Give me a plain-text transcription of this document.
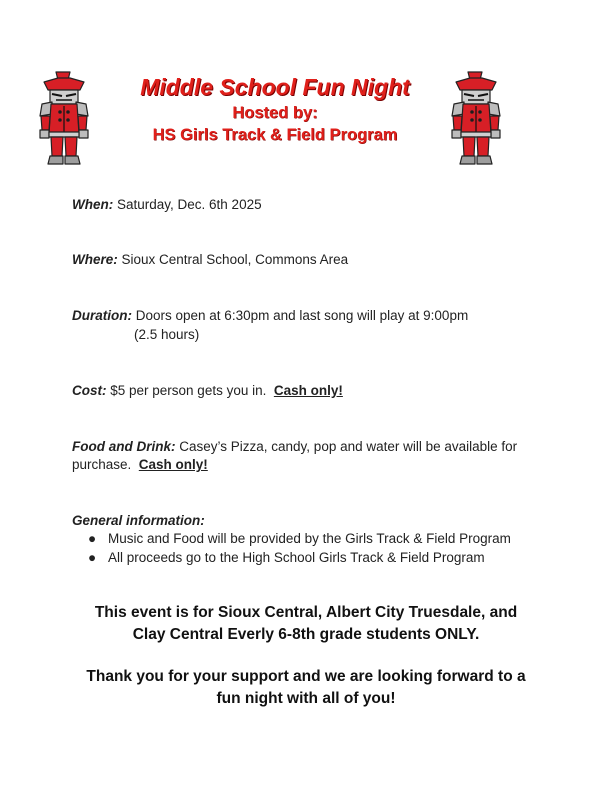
Middle School Fun Night
Hosted by:
HS Girls Track & Field Program
When: Saturday, Dec. 6th 2025
Where: Sioux Central School, Commons Area
Duration: Doors open at 6:30pm and last song will play at 9:00pm
(2.5 hours)
Cost: $5 per person gets you in.  Cash only!
Food and Drink: Casey’s Pizza, candy, pop and water will be available for
purchase.  Cash only!
General information:
● Music and Food will be provided by the Girls Track & Field Program
● All proceeds go to the High School Girls Track & Field Program
This event is for Sioux Central, Albert City Truesdale, and
Clay Central Everly 6-8th grade students ONLY.
Thank you for your support and we are looking forward to a
fun night with all of you!
